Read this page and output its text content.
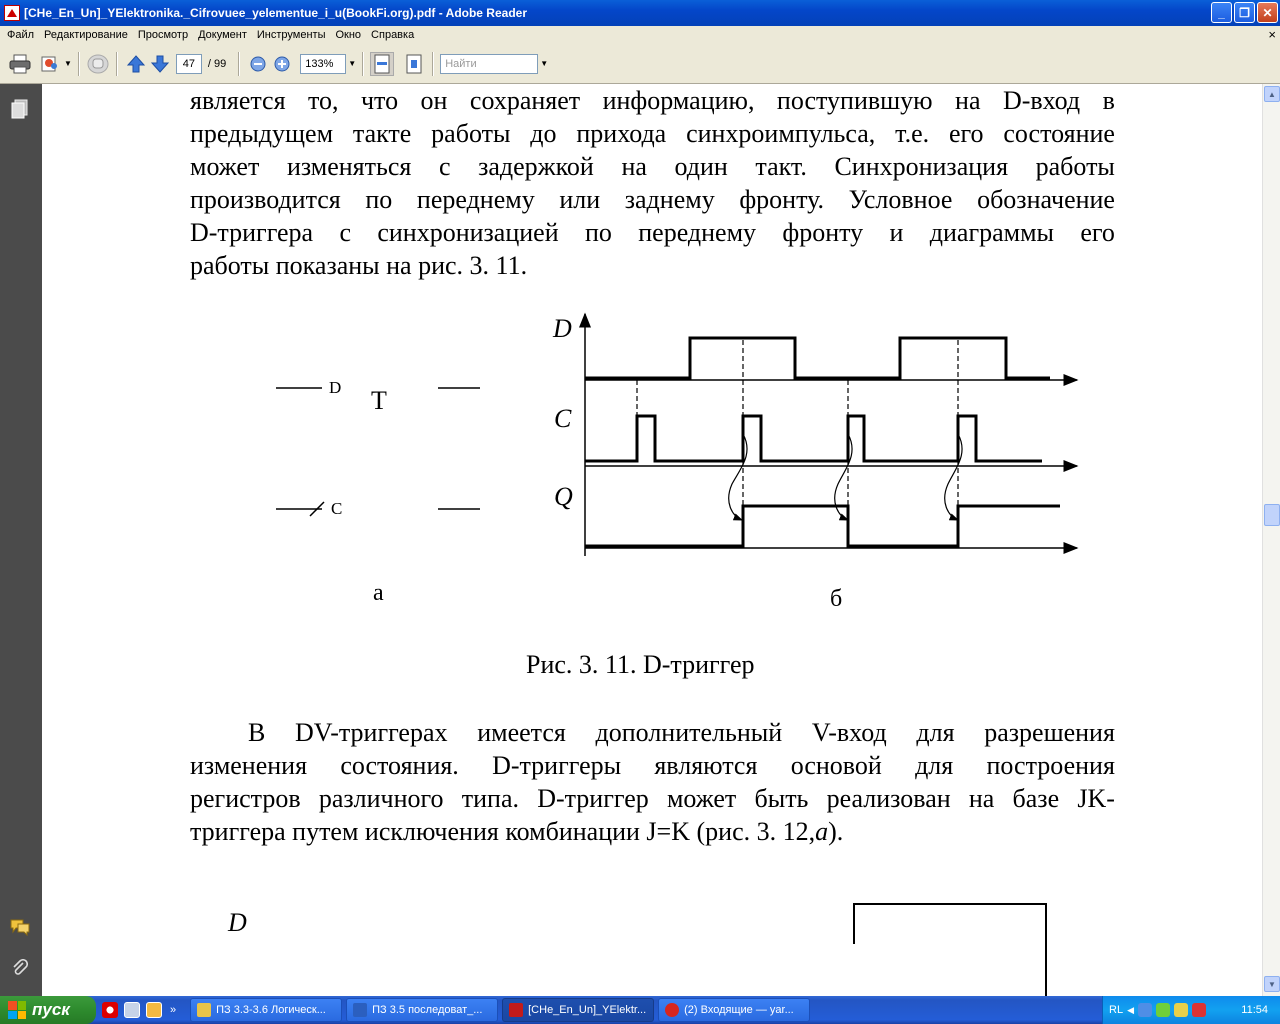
[CHe_En_Un]_YElektronika._Cifrovuee_yelementue_i_u(BookFi.org).pdf - Adobe Reader	_	❐	✕
Файл Редактирование Просмотр Документ Инструменты Окно Справка	×
▼	47	/ 99	133%	▼	Найти	▼
является то, что он сохраняет информацию, поступившую на D-вход в
предыдущем такте работы до прихода синхроимпульса, т.е. его состояние
может изменяться с задержкой на один такт. Синхронизация работы
производится по переднему или заднему фронту. Условное обозначение
D-триггера с синхронизацией по переднему фронту и диаграммы его
работы показаны на рис. 3. 11.
D T
C
D
C
Q
а	б
Рис. 3. 11. D-триггер
В DV-триггерах имеется дополнительный V-вход для разрешения
изменения состояния. D-триггеры являются основой для построения
регистров различного типа. D-триггер может быть реализован на базе JK-
триггера путем исключения комбинации J=K (рис. 3. 12,а).
D
▲
▼
пуск	»	ПЗ 3.3-3.6 Логическ...	ПЗ 3.5 последоват_...	[CHe_En_Un]_YElektr...	(2) Входящие — yar...	RL ◀	11:54
